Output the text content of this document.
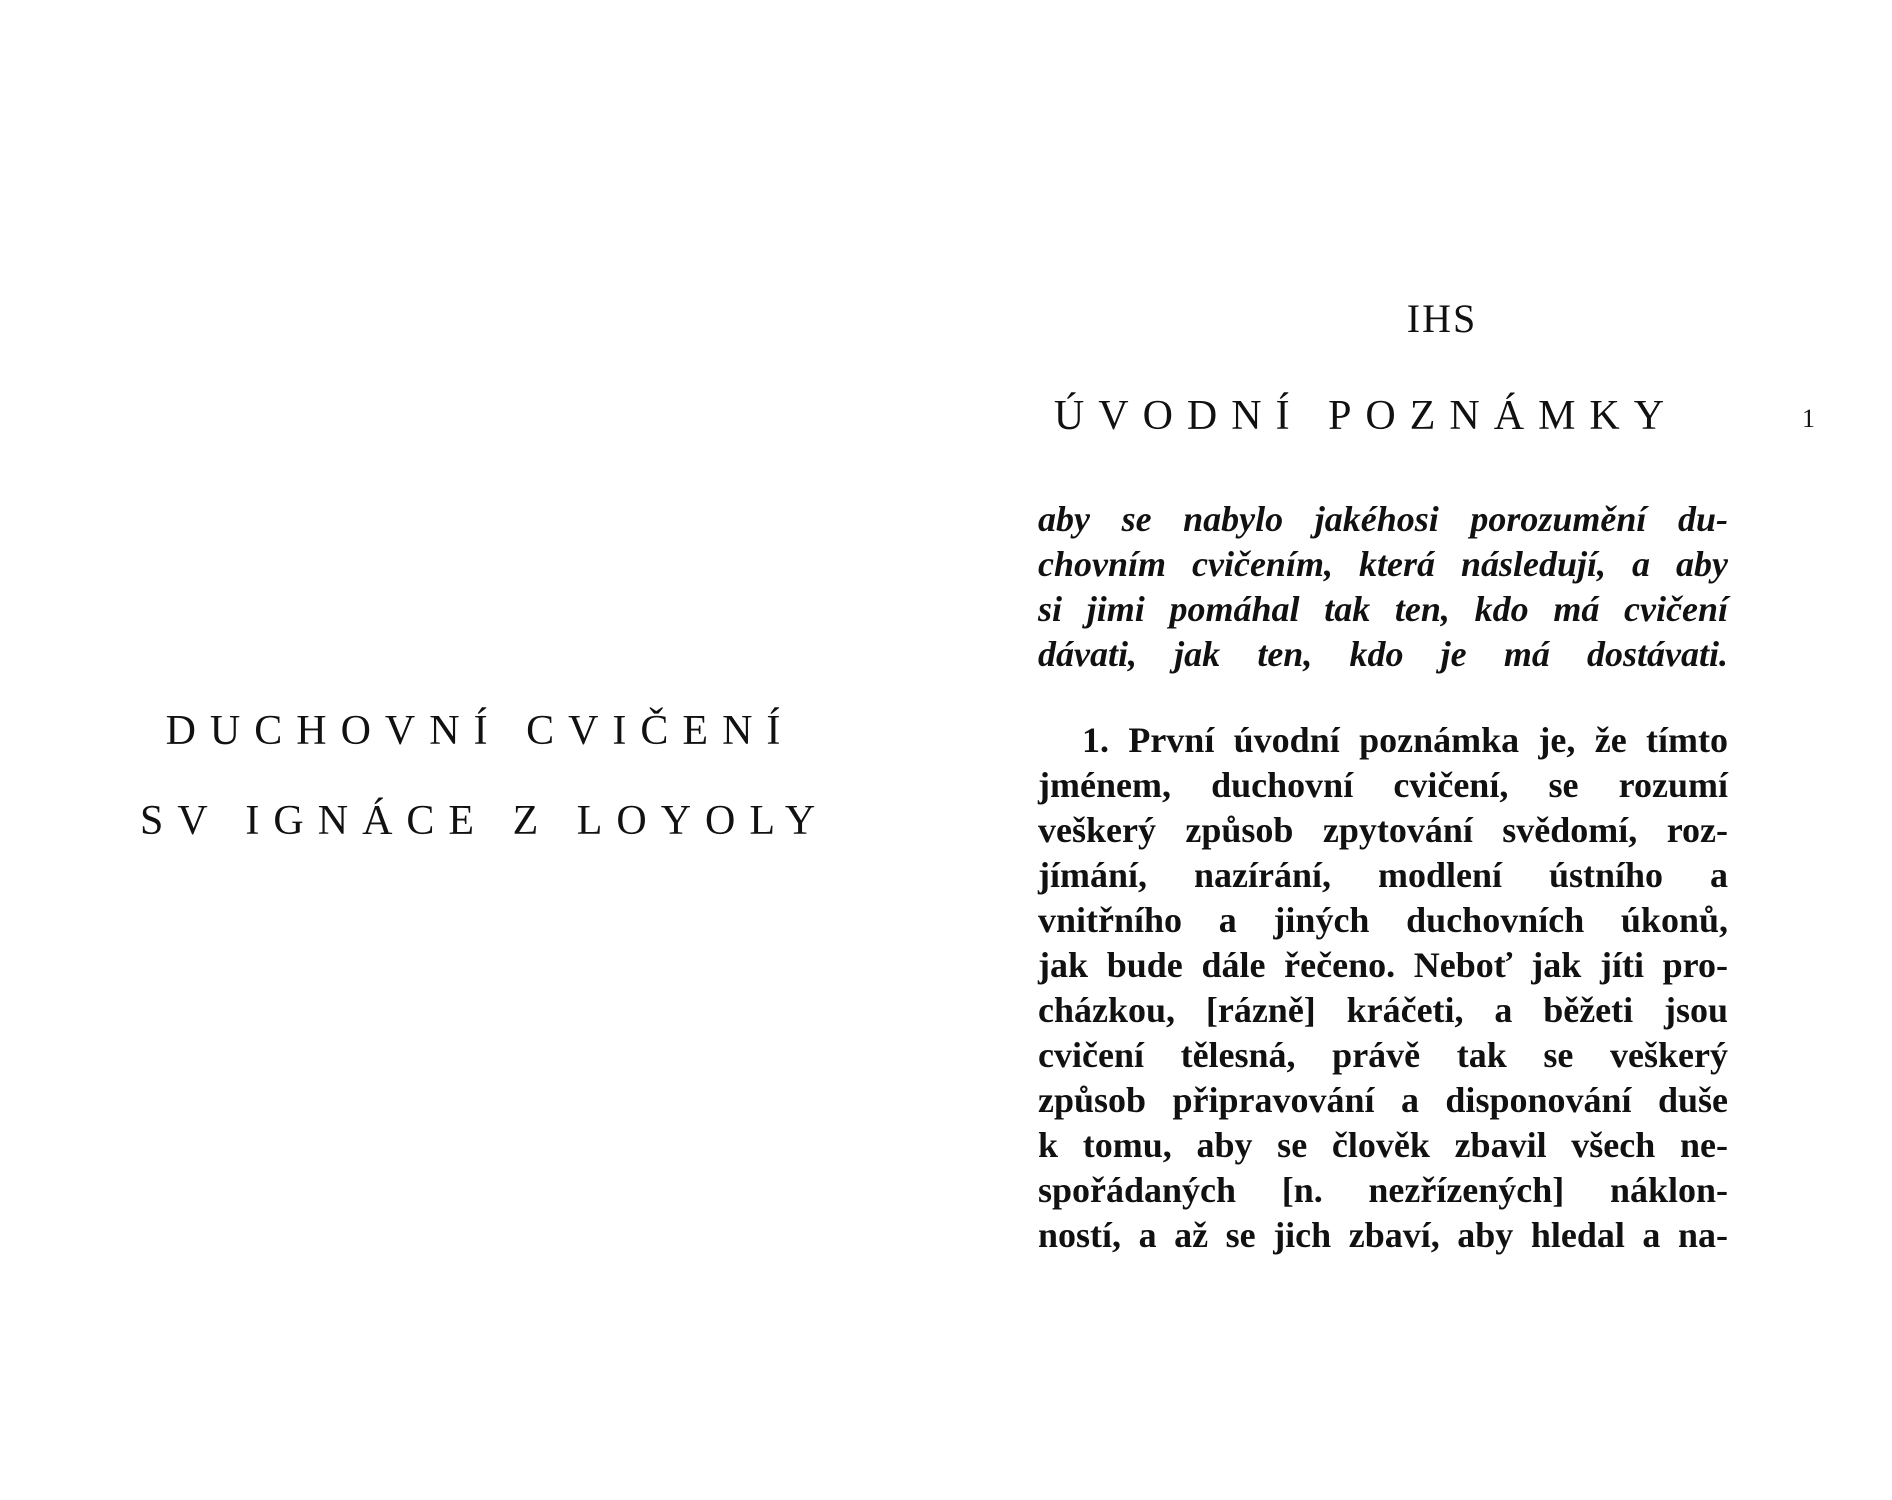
DUCHOVNÍ CVIČENÍ
SV IGNÁCE Z LOYOLY
IHS
ÚVODNÍ POZNÁMKY	1
aby se nabylo jakéhosi porozumění du-
chovním cvičením, která následují, a aby
si jimi pomáhal tak ten, kdo má cvičení
dávati, jak ten, kdo je má dostávati.
1. První úvodní poznámka je, že tímto
jménem, duchovní cvičení, se rozumí
veškerý způsob zpytování svědomí, roz-
jímání, nazírání, modlení ústního a
vnitřního a jiných duchovních úkonů,
jak bude dále řečeno. Neboť jak jíti pro-
cházkou, [rázně] kráčeti, a běžeti jsou
cvičení tělesná, právě tak se veškerý
způsob připravování a disponování duše
k tomu, aby se člověk zbavil všech ne-
spořádaných [n. nezřízených] náklon-
ností, a až se jich zbaví, aby hledal a na-
